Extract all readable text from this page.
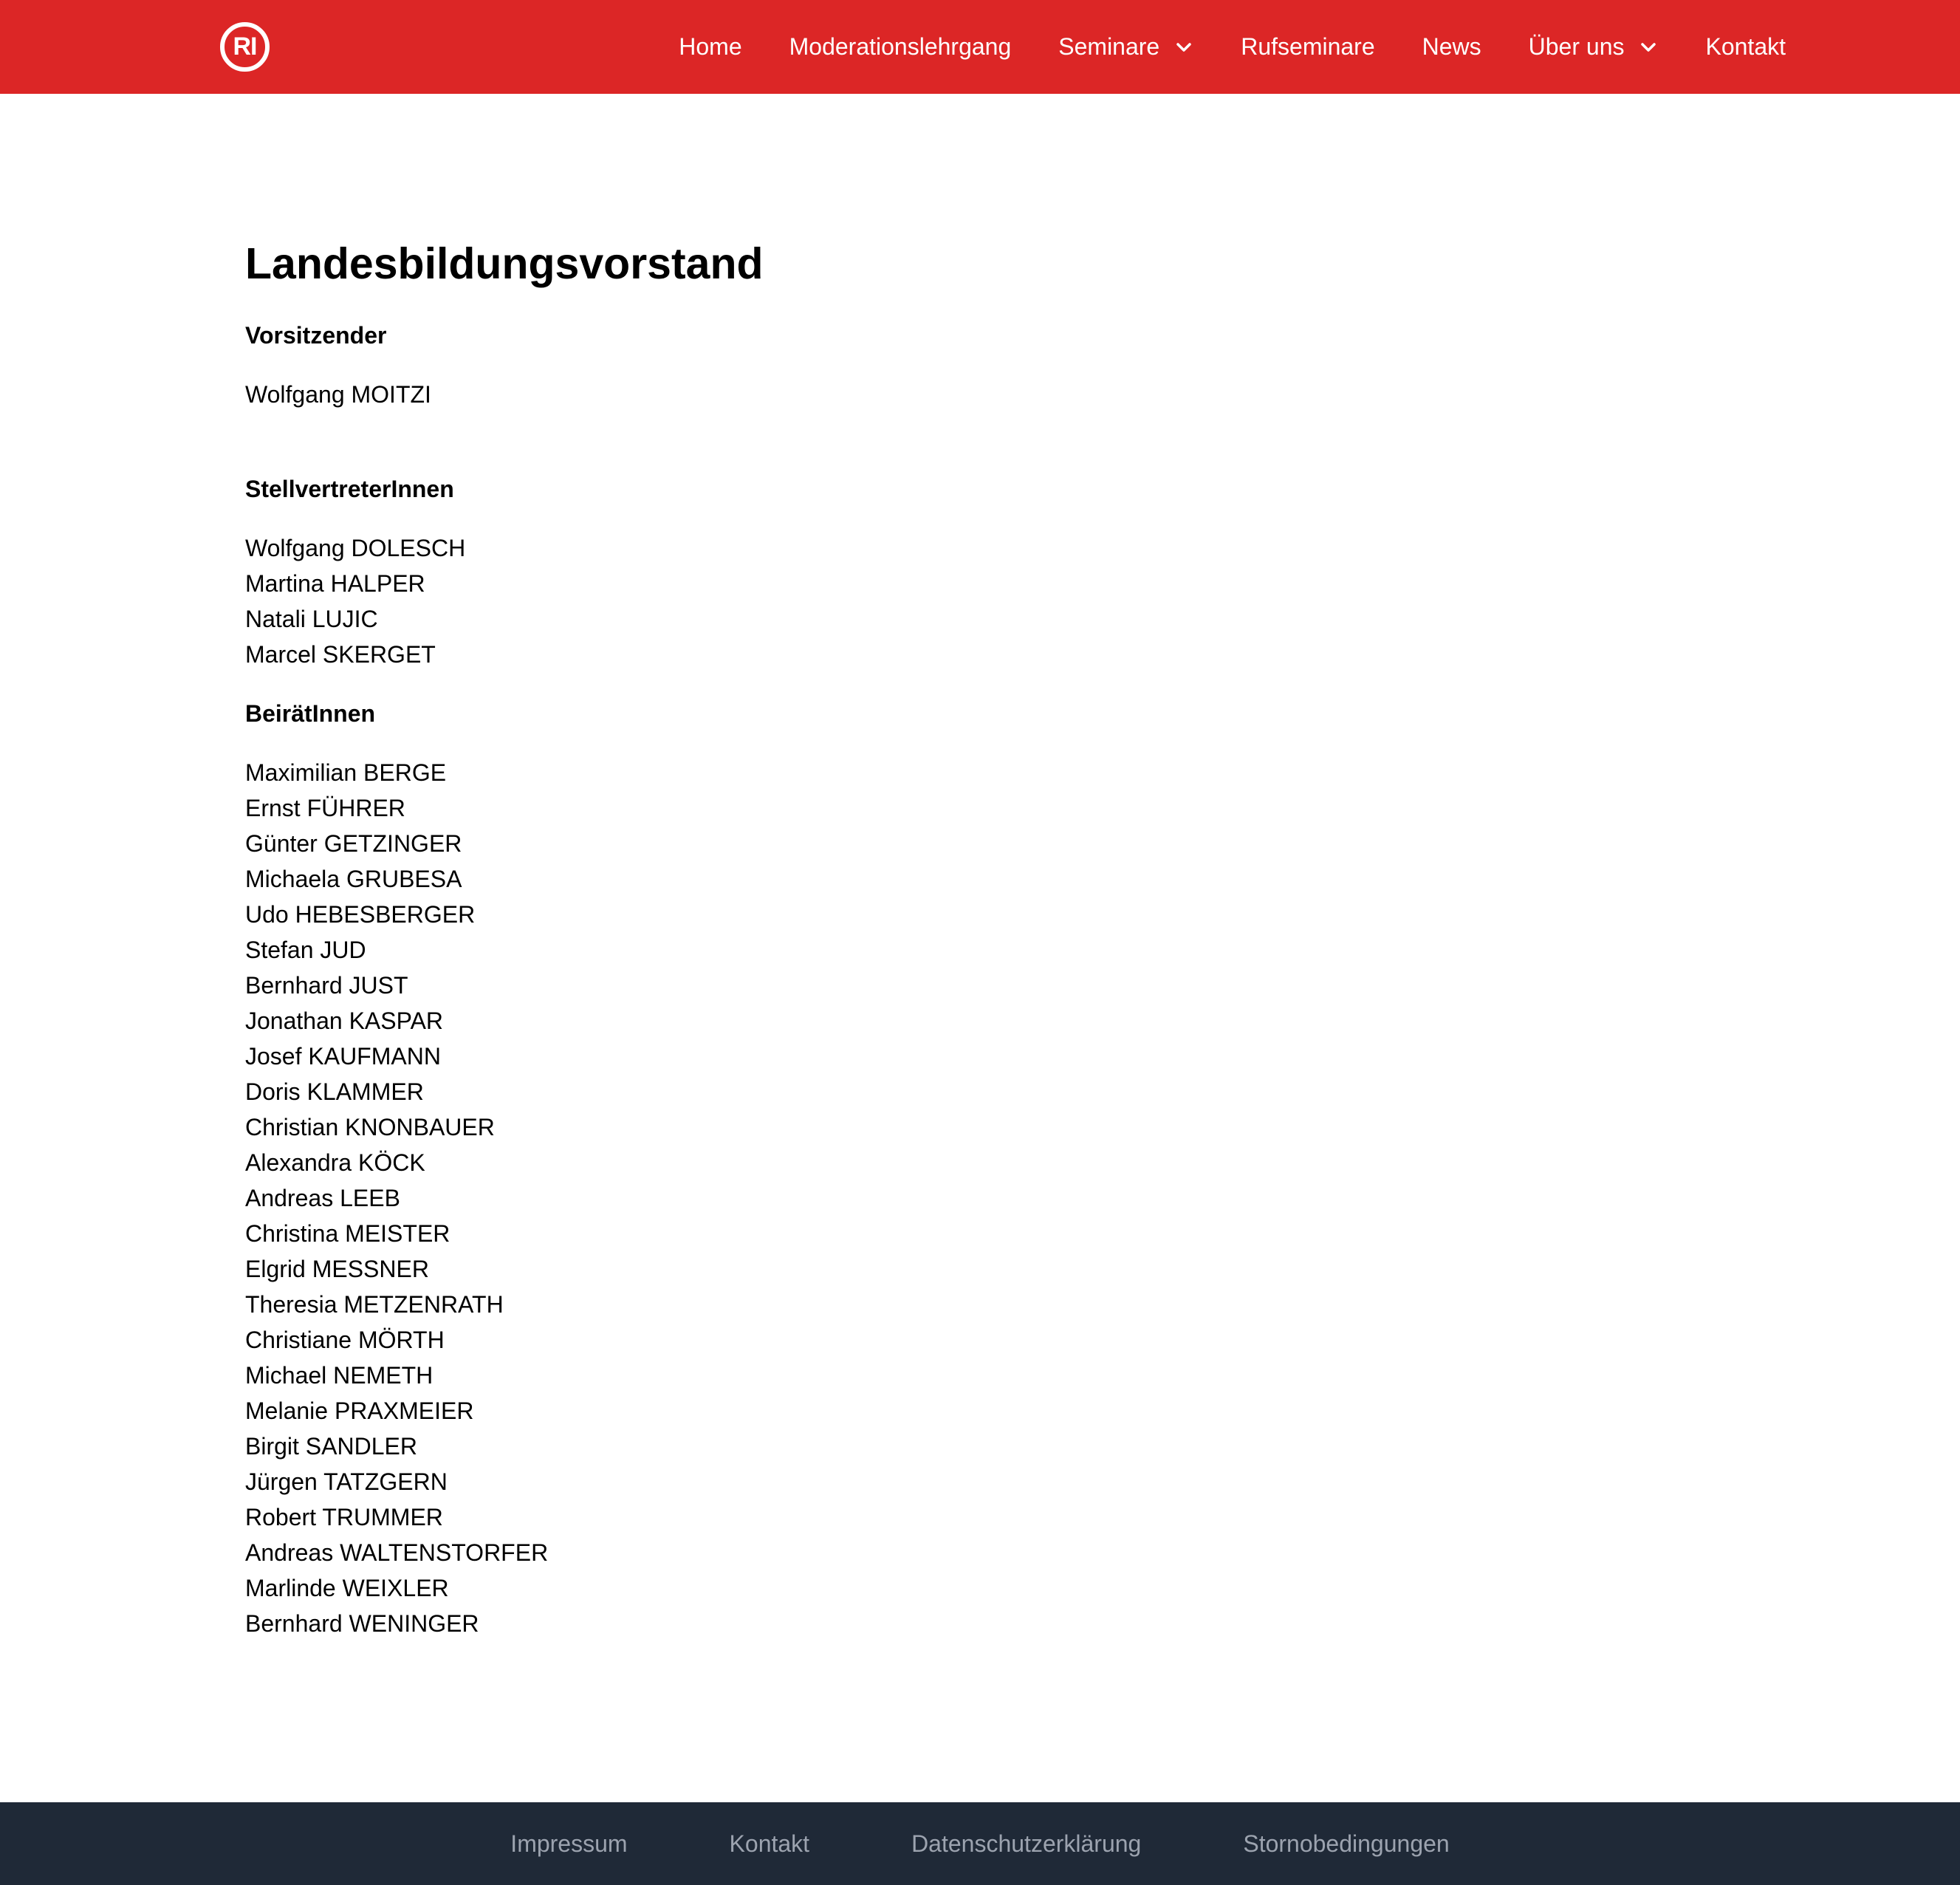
RI	Home Moderationslehrgang Seminare	Rufseminare News Über uns	Kontakt
Landesbildungsvorstand
Vorsitzender
Wolfgang MOITZI
StellvertreterInnen
Wolfgang DOLESCH
Martina HALPER
Natali LUJIC
Marcel SKERGET
BeirätInnen
Maximilian BERGE
Ernst FÜHRER
Günter GETZINGER
Michaela GRUBESA
Udo HEBESBERGER
Stefan JUD
Bernhard JUST
Jonathan KASPAR
Josef KAUFMANN
Doris KLAMMER
Christian KNONBAUER
Alexandra KÖCK
Andreas LEEB
Christina MEISTER
Elgrid MESSNER
Theresia METZENRATH
Christiane MÖRTH
Michael NEMETH
Melanie PRAXMEIER
Birgit SANDLER
Jürgen TATZGERN
Robert TRUMMER
Andreas WALTENSTORFER
Marlinde WEIXLER
Bernhard WENINGER
Impressum	Kontakt	Datenschutzerklärung	Stornobedingungen
